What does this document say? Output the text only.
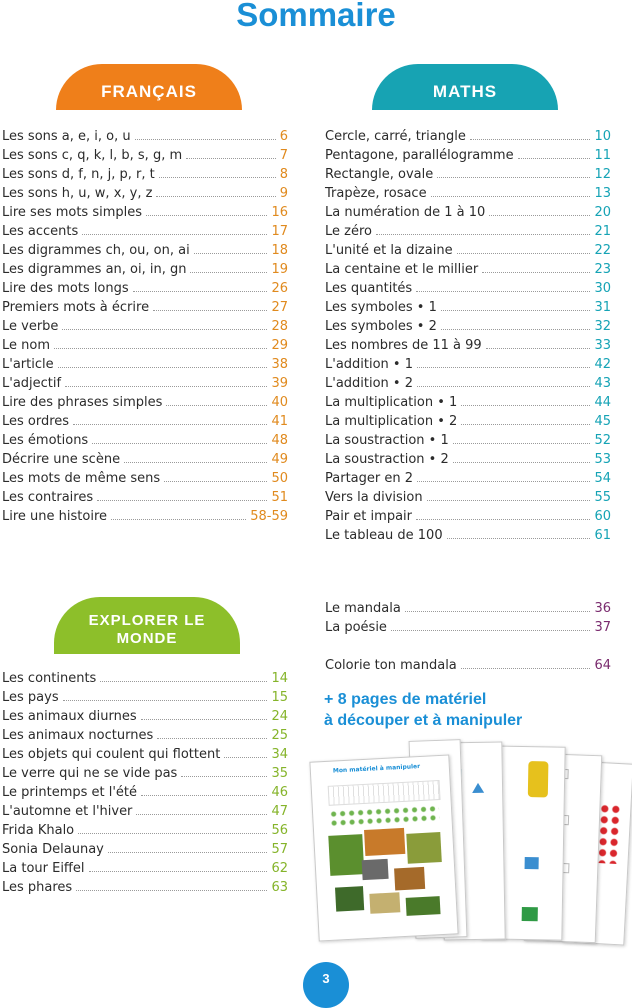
Sommaire
FRANÇAIS	MATHS
EXPLORER LE
MONDE
Les sons a, e, i, o, u	6
Les sons c, q, k, l, b, s, g, m	7
Les sons d, f, n, j, p, r, t	8
Les sons h, u, w, x, y, z	9
Lire ses mots simples	16
Les accents	17
Les digrammes ch, ou, on, ai	18
Les digrammes an, oi, in, gn	19
Lire des mots longs	26
Premiers mots à écrire	27
Le verbe	28
Le nom	29
L'article	38
L'adjectif	39
Lire des phrases simples	40
Les ordres	41
Les émotions	48
Décrire une scène	49
Les mots de même sens	50
Les contraires	51
Lire une histoire	58-59
Cercle, carré, triangle	10
Pentagone, parallélogramme	11
Rectangle, ovale	12
Trapèze, rosace	13
La numération de 1 à 10	20
Le zéro	21
L'unité et la dizaine	22
La centaine et le millier	23
Les quantités	30
Les symboles • 1	31
Les symboles • 2	32
Les nombres de 11 à 99	33
L'addition • 1	42
L'addition • 2	43
La multiplication • 1	44
La multiplication • 2	45
La soustraction • 1	52
La soustraction • 2	53
Partager en 2	54
Vers la division	55
Pair et impair	60
Le tableau de 100	61
Les continents	14
Les pays	15
Les animaux diurnes	24
Les animaux nocturnes	25
Les objets qui coulent qui flottent	34
Le verre qui ne se vide pas	35
Le printemps et l'été	46
L'automne et l'hiver	47
Frida Khalo	56
Sonia Delaunay	57
La tour Eiffel	62
Les phares	63
Le mandala	36
La poésie	37
Colorie ton mandala	64
+ 8 pages de matériel
à découper et à manipuler
Mon matériel à manipuler
3
